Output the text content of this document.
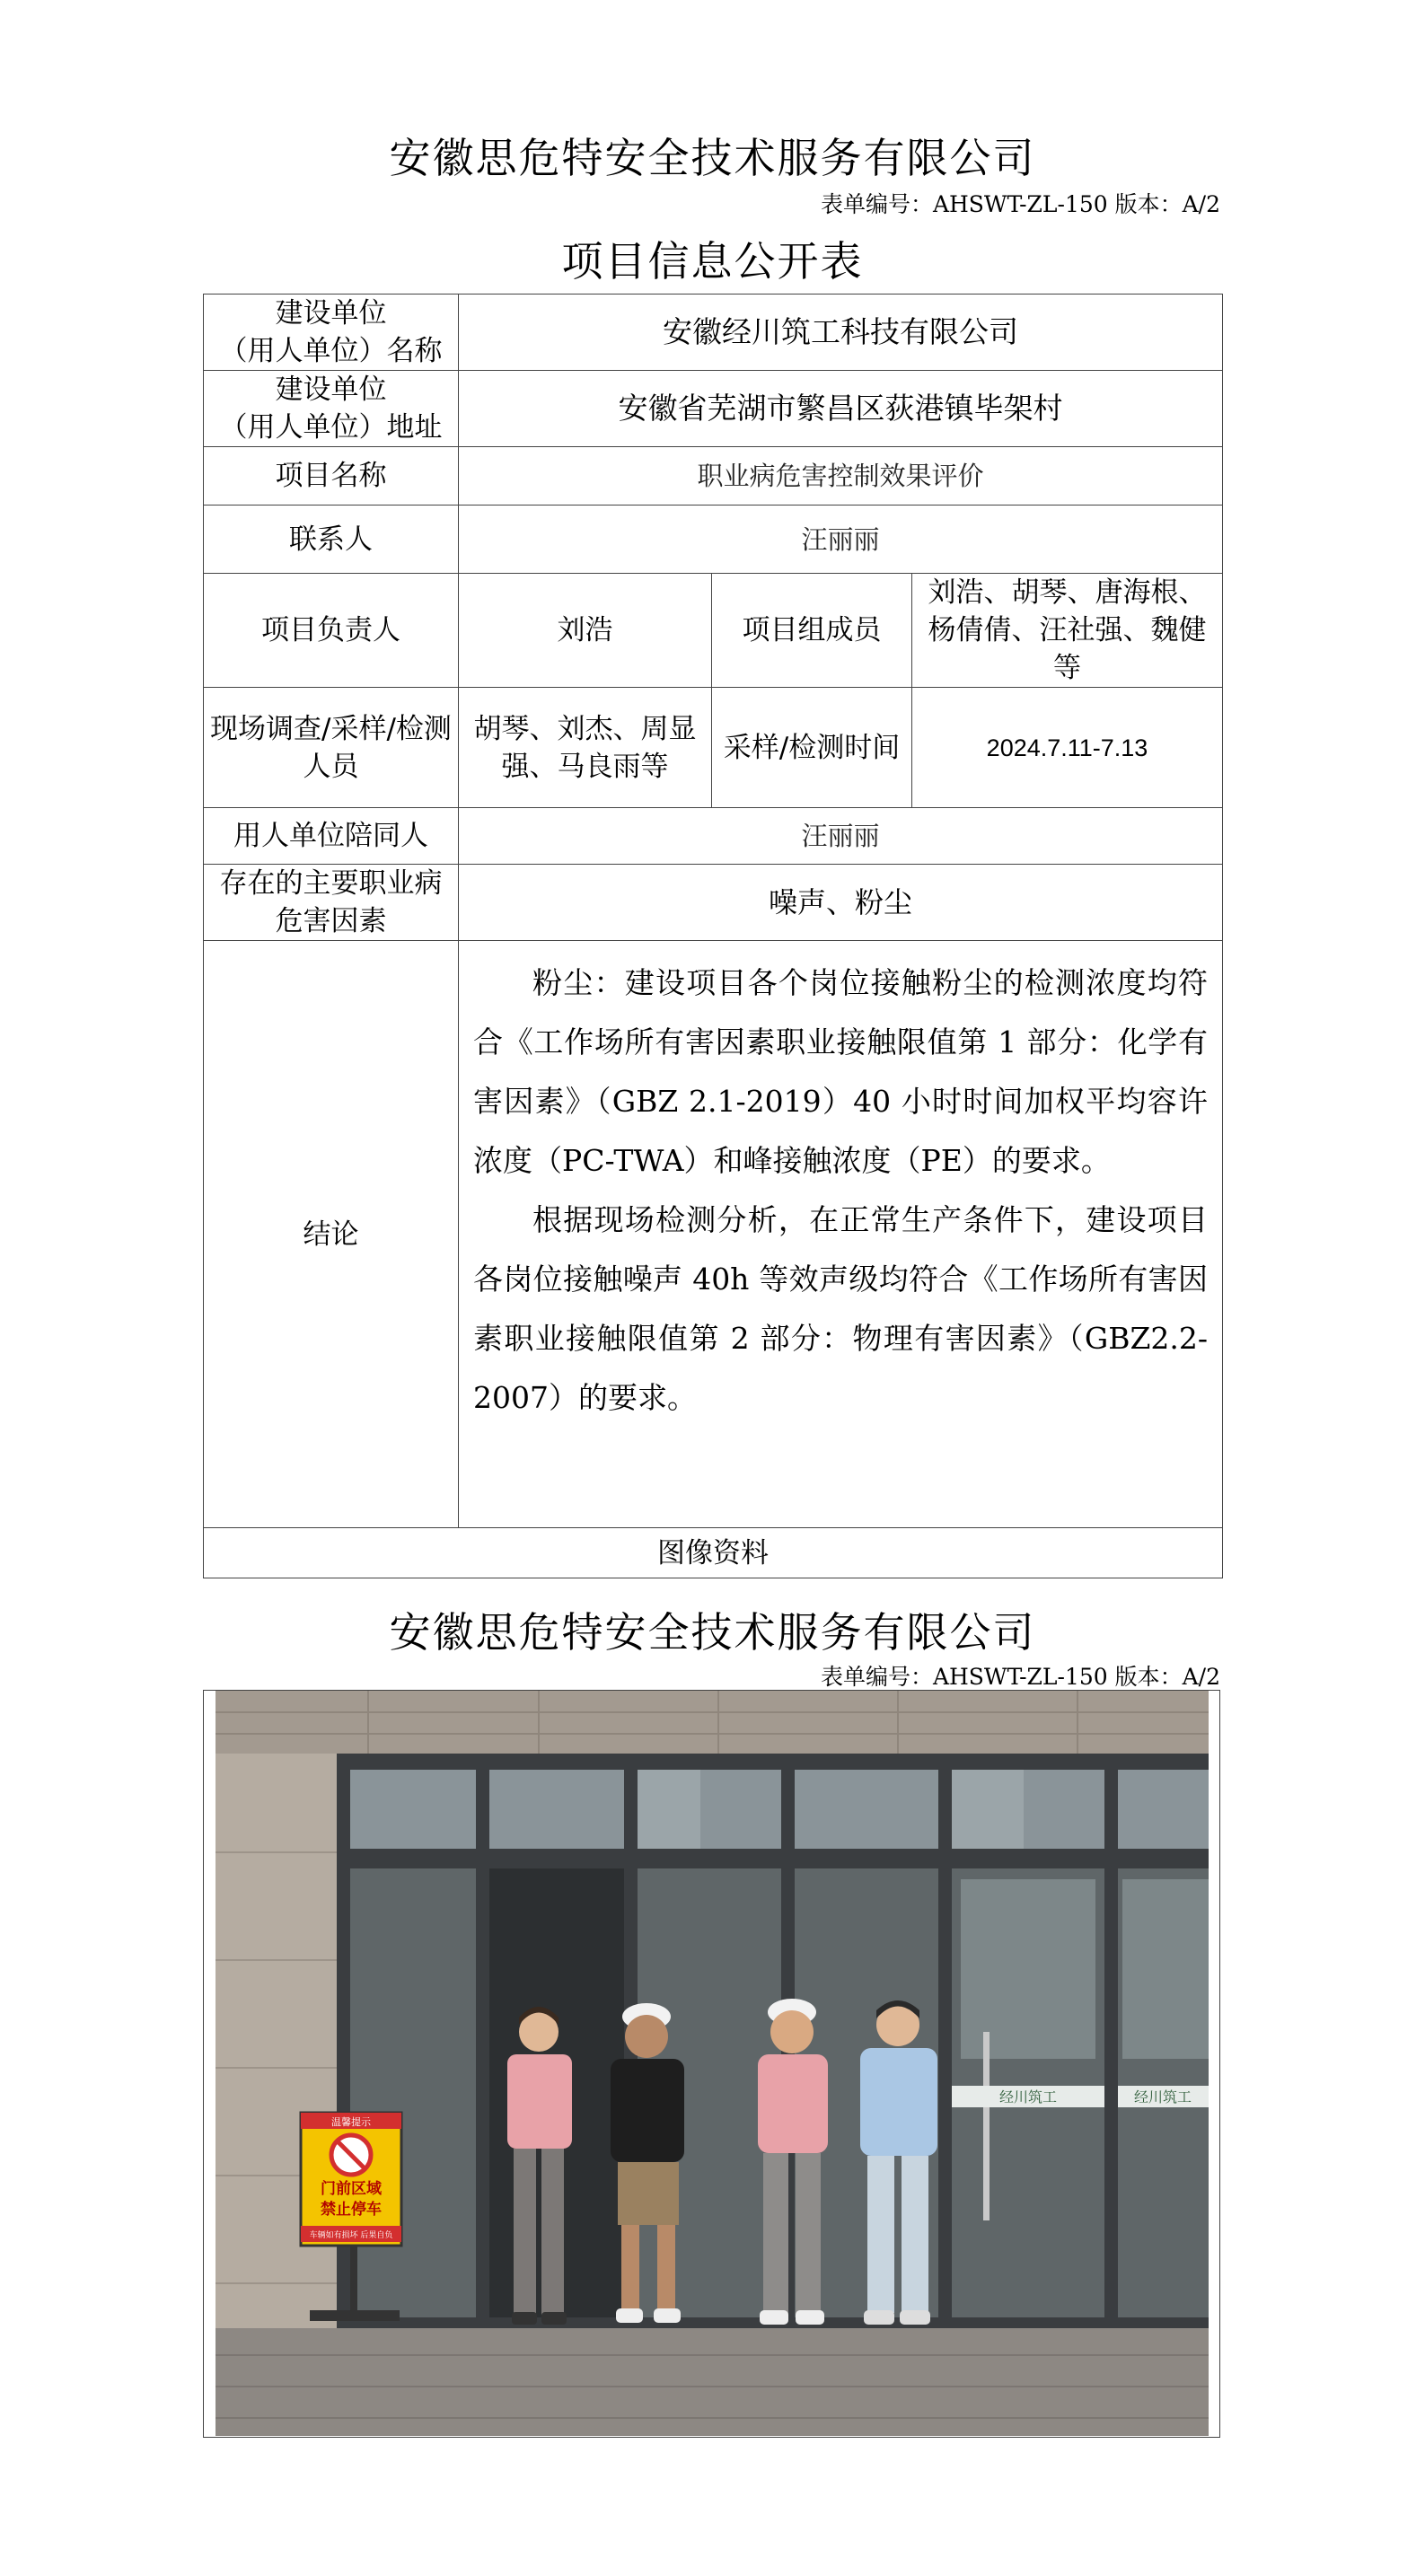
安徽思危特安全技术服务有限公司
表单编号：AHSWT-ZL-150 版本：A/2
项目信息公开表
建设单位
（用人单位）名称	安徽经川筑工科技有限公司		
建设单位
（用人单位）地址	安徽省芜湖市繁昌区荻港镇毕架村		
项目名称	职业病危害控制效果评价		
联系人	汪丽丽		
项目负责人	刘浩	项目组成员	刘浩、胡琴、唐海根、杨倩倩、汪社强、魏健等
现场调查/采样/检测人员	胡琴、刘杰、周显强、马良雨等	采样/检测时间	2024.7.11-7.13
用人单位陪同人	汪丽丽		
存在的主要职业病危害因素	噪声、粉尘		
结论	粉尘：建设项目各个岗位接触粉尘的检测浓度均符合《工作场所有害因素职业接触限值第 1 部分：化学有害因素》（GBZ 2.1-2019）40 小时时间加权平均容许浓度（PC-TWA）和峰接触浓度（PE）的要求。

根据现场检测分析，在正常生产条件下，建设项目各岗位接触噪声 40h 等效声级均符合《工作场所有害因素职业接触限值第 2 部分：物理有害因素》（GBZ2.2-2007）的要求。		

图像资料			
安徽思危特安全技术服务有限公司
表单编号：AHSWT-ZL-150 版本：A/2
经川筑工	经川筑工
温馨提示
门前区域
禁止停车
车辆如有损坏 后果自负
